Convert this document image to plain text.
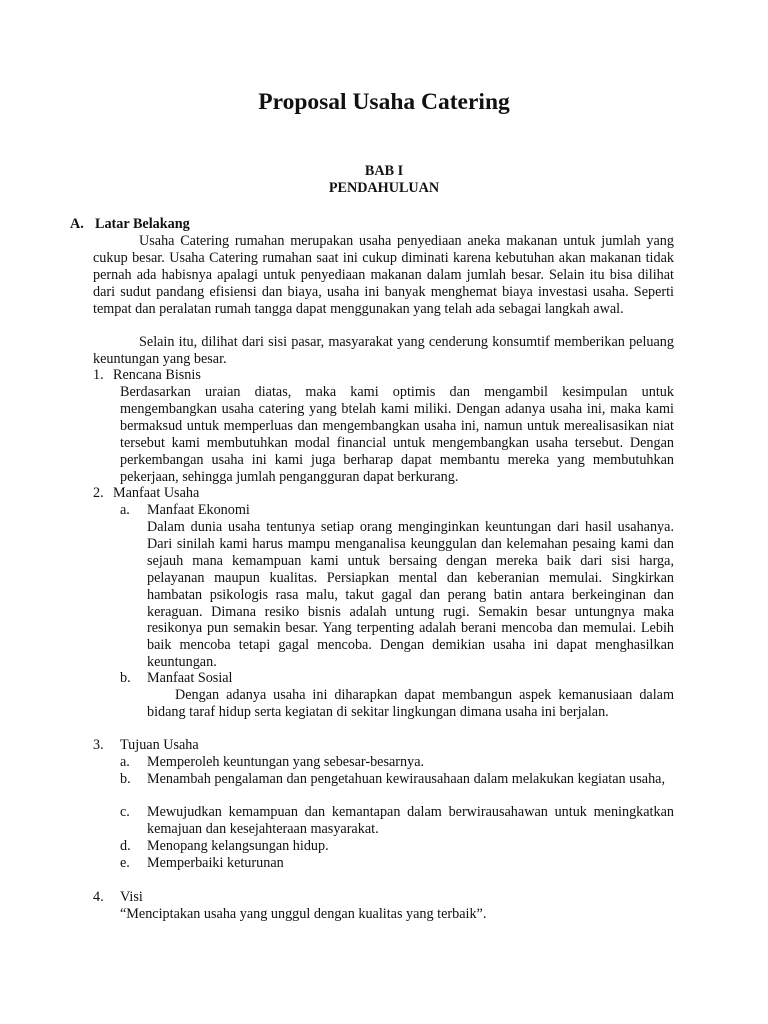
Proposal Usaha Catering
BAB I
PENDAHULUAN
A. Latar Belakang

Usaha Catering rumahan merupakan usaha penyediaan aneka makanan untuk jumlah yang cukup besar. Usaha Catering rumahan saat ini cukup diminati karena kebutuhan akan makanan tidak pernah ada habisnya apalagi untuk penyediaan makanan dalam jumlah besar. Selain itu bisa dilihat dari sudut pandang efisiensi dan biaya, usaha ini banyak menghemat biaya investasi usaha. Seperti tempat dan peralatan rumah tangga dapat menggunakan yang telah ada sebagai langkah awal.

Selain itu, dilihat dari sisi pasar, masyarakat yang cenderung konsumtif memberikan peluang keuntungan yang besar.

1. Rencana Bisnis

Berdasarkan uraian diatas, maka kami optimis dan mengambil kesimpulan untuk mengembangkan usaha catering yang btelah kami miliki. Dengan adanya usaha ini, maka kami bermaksud untuk memperluas dan mengembangkan usaha ini, namun untuk merealisasikan niat tersebut kami membutuhkan modal financial untuk mengembangkan usaha tersebut. Dengan perkembangan usaha ini kami juga berharap dapat membantu mereka yang membutuhkan pekerjaan, sehingga jumlah pengangguran dapat berkurang.

2. Manfaat Usaha
a. Manfaat Ekonomi

Dalam dunia usaha tentunya setiap orang menginginkan keuntungan dari hasil usahanya. Dari sinilah kami harus mampu menganalisa keunggulan dan kelemahan pesaing kami dan sejauh mana kemampuan kami untuk bersaing dengan mereka baik dari sisi harga, pelayanan maupun kualitas. Persiapkan mental dan keberanian memulai. Singkirkan hambatan psikologis rasa malu, takut gagal dan perang batin antara berkeinginan dan keraguan. Dimana resiko bisnis adalah untung rugi. Semakin besar untungnya maka resikonya pun semakin besar. Yang terpenting adalah berani mencoba dan memulai. Lebih baik mencoba tetapi gagal mencoba. Dengan demikian usaha ini dapat menghasilkan keuntungan.

b. Manfaat Sosial

Dengan adanya usaha ini diharapkan dapat membangun aspek kemanusiaan dalam bidang taraf hidup serta kegiatan di sekitar lingkungan dimana usaha ini berjalan.

3. Tujuan Usaha
a. Memperoleh keuntungan yang sebesar-besarnya.

b. Menambah pengalaman dan pengetahuan kewirausahaan dalam melakukan kegiatan usaha,

c. Mewujudkan kemampuan dan kemantapan dalam berwirausahawan untuk meningkatkan kemajuan dan kesejahteraan masyarakat.

d. Menopang kelangsungan hidup.

e. Memperbaiki keturunan

4. Visi
“Menciptakan usaha yang unggul dengan kualitas yang terbaik”.
